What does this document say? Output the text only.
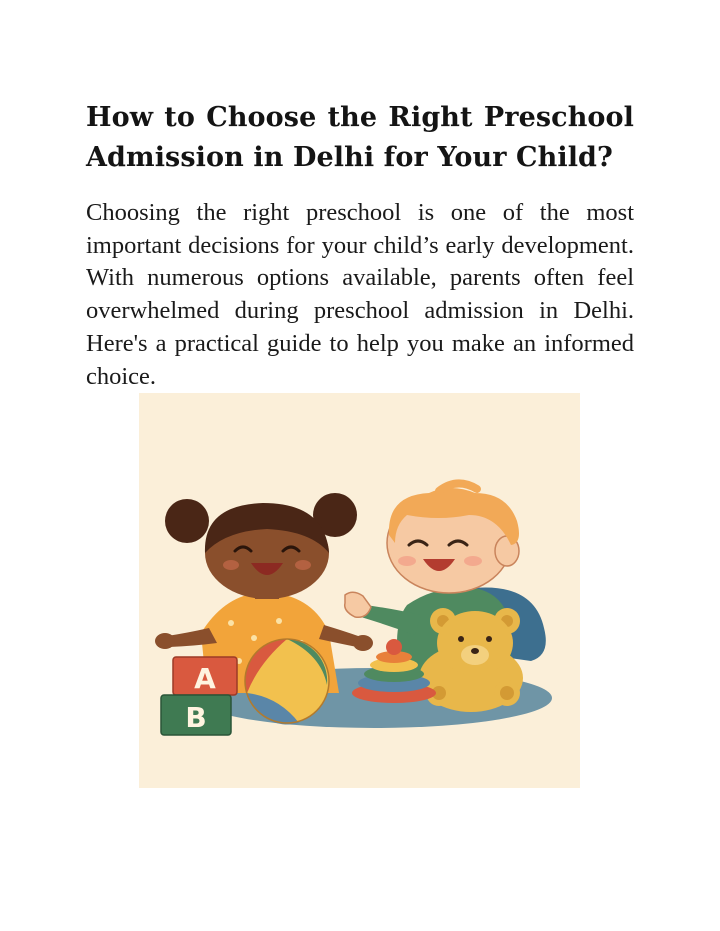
How to Choose the Right Preschool Admission in Delhi for Your Child?

Choosing the right preschool is one of the most important decisions for your child’s early development. With numerous options available, parents often feel overwhelmed during preschool admission in Delhi. Here's a practical guide to help you make an informed choice.

A
B
